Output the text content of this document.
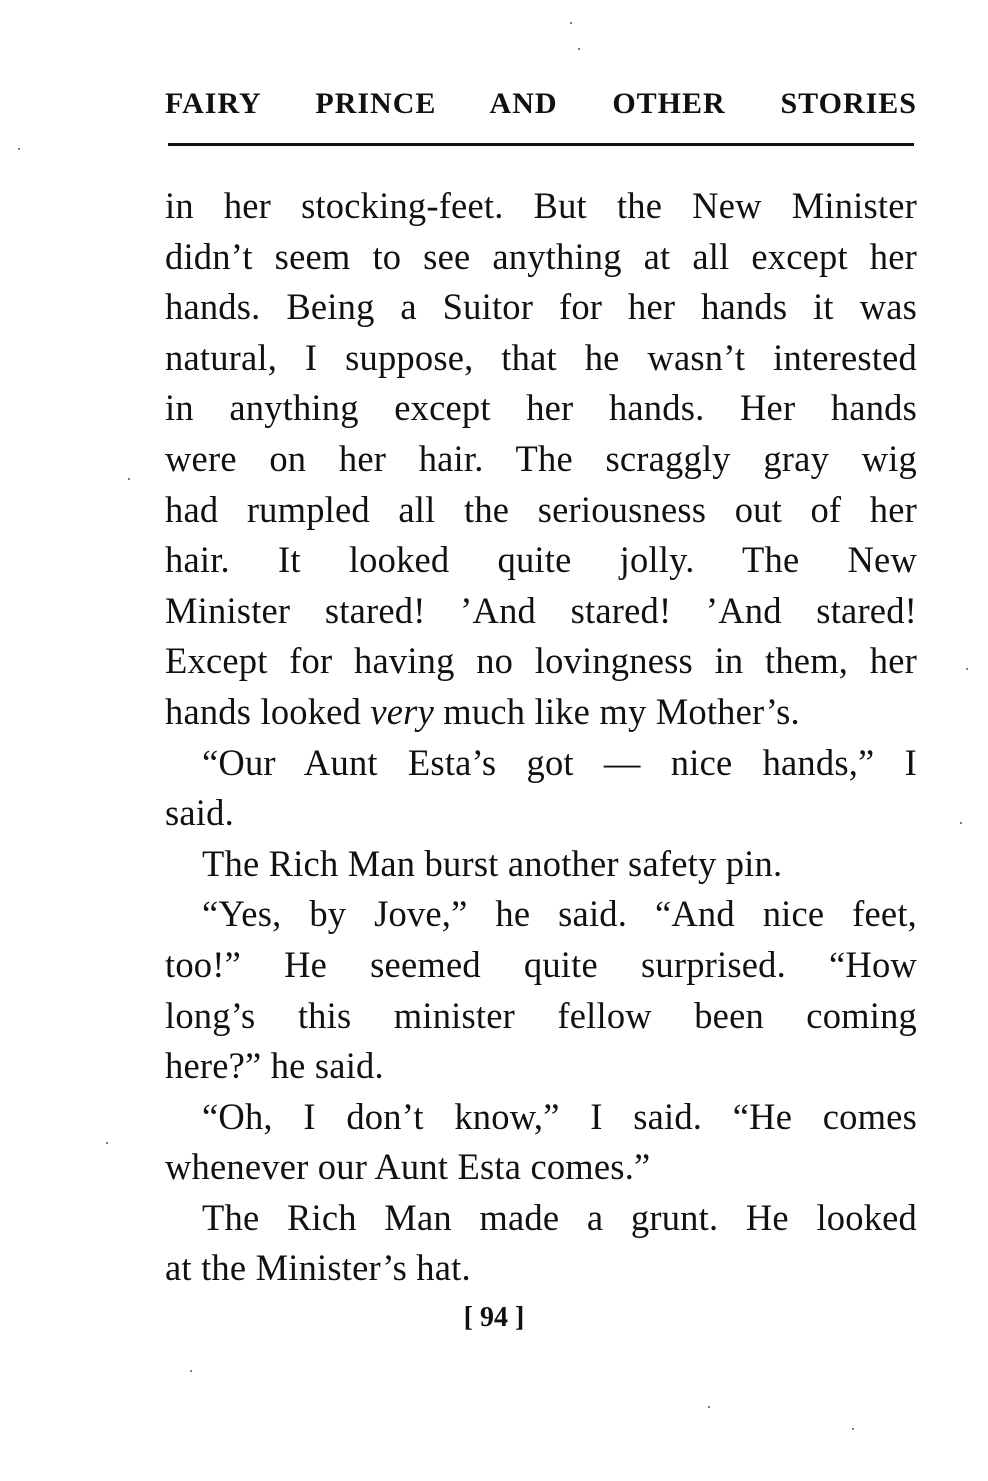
FAIRY PRINCE AND OTHER STORIES
in her stocking-feet. But the New Minister
didn’t seem to see anything at all except her
hands. Being a Suitor for her hands it was
natural, I suppose, that he wasn’t interested
in anything except her hands. Her hands
were on her hair. The scraggly gray wig
had rumpled all the seriousness out of her
hair. It looked quite jolly. The New
Minister stared! ’And stared! ’And stared!
Except for having no lovingness in them, her
hands looked very much like my Mother’s.
“Our Aunt Esta’s got — nice hands,” I
said.
The Rich Man burst another safety pin.
“Yes, by Jove,” he said. “And nice feet,
too!” He seemed quite surprised. “How
long’s this minister fellow been coming
here?” he said.
“Oh, I don’t know,” I said. “He comes
whenever our Aunt Esta comes.”
The Rich Man made a grunt. He looked
at the Minister’s hat.
[ 94 ]
